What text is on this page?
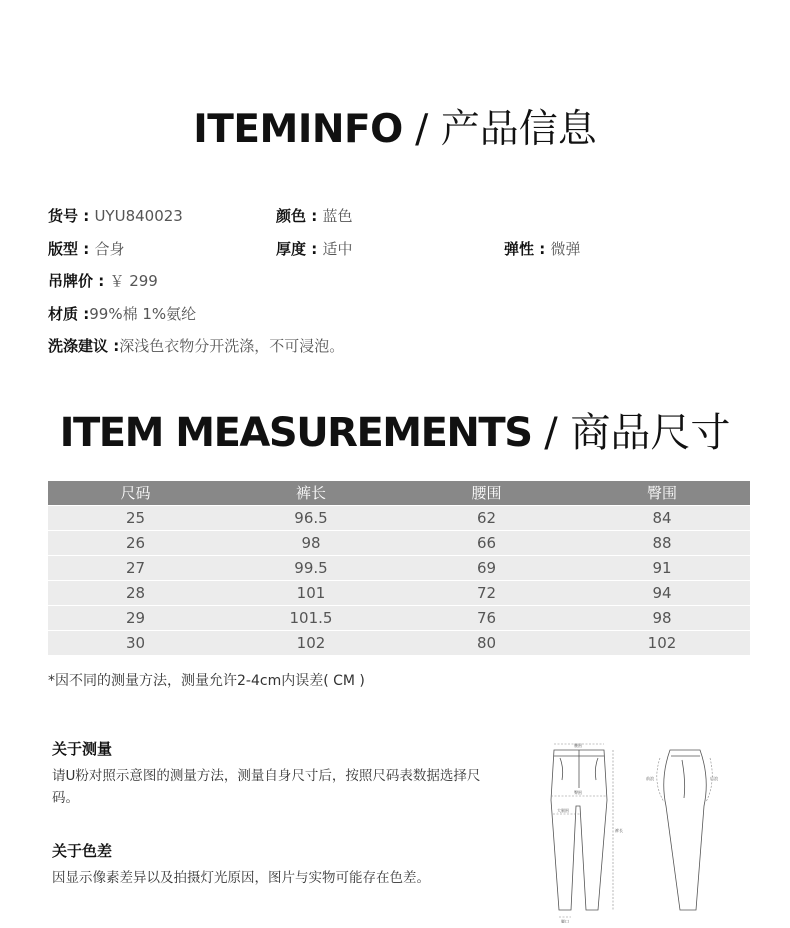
ITEMINFO / 产品信息
货号 : UYU840023	颜色 : 蓝色
版型 : 合身	厚度 : 适中	弹性 : 微弹
吊牌价 : ￥ 299
材质 :99%棉 1%氨纶
洗涤建议 :深浅色衣物分开洗涤，不可浸泡。
ITEM MEASUREMENTS / 商品尺寸
尺码	裤长	腰围	臀围
25	96.5	62	84
26	98	66	88
27	99.5	69	91
28	101	72	94
29	101.5	76	98
30	102	80	102
*因不同的测量方法，测量允许2-4cm内误差( CM )
关于测量

请U粉对照示意图的测量方法，测量自身尺寸后，按照尺码表数据选择尺码。

关于色差

因显示像素差异以及拍摄灯光原因，图片与实物可能存在色差。

腰围
臀围
大腿围
裤长
脚口
前浪	后浪
